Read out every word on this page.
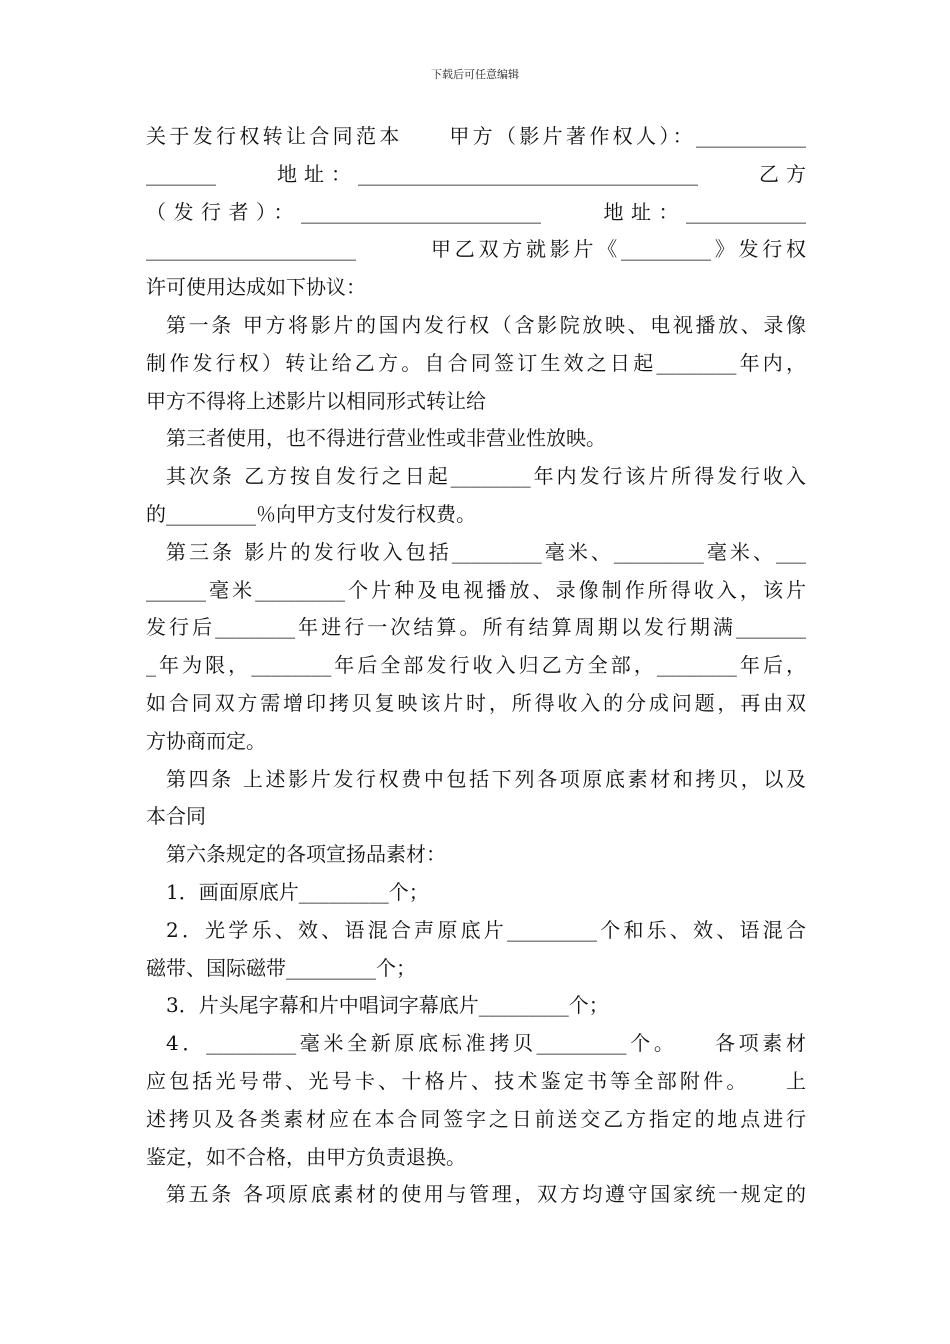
下载后可任意编辑
关于发行权转让合同范本　　甲方（影片著作权人）：___________
_______　　地址：__________________________________　　乙方
（发行者）：________________________　　地址：____________
_____________________　　　甲乙双方就影片《_________》发行权
许可使用达成如下协议：
第一条 甲方将影片的国内发行权（含影院放映、电视播放、录像
制作发行权）转让给乙方。自合同签订生效之日起________年内，
甲方不得将上述影片以相同形式转让给
第三者使用，也不得进行营业性或非营业性放映。
其次条 乙方按自发行之日起________年内发行该片所得发行收入
的_________％向甲方支付发行权费。
第三条 影片的发行收入包括_________毫米、_________毫米、___
______毫米_________个片种及电视播放、录像制作所得收入，该片
发行后________年进行一次结算。所有结算周期以发行期满_______
_年为限，________年后全部发行收入归乙方全部，________年后，
如合同双方需增印拷贝复映该片时，所得收入的分成问题，再由双
方协商而定。
第四条 上述影片发行权费中包括下列各项原底素材和拷贝，以及
本合同
第六条规定的各项宣扬品素材：
1．画面原底片_________个；
2．光学乐、效、语混合声原底片_________个和乐、效、语混合
磁带、国际磁带_________个；
3．片头尾字幕和片中唱词字幕底片_________个；
4．_________毫米全新原底标准拷贝_________个。　　各项素材
应包括光号带、光号卡、十格片、技术鉴定书等全部附件。　　上
述拷贝及各类素材应在本合同签字之日前送交乙方指定的地点进行
鉴定，如不合格，由甲方负责退换。
第五条 各项原底素材的使用与管理，双方均遵守国家统一规定的
